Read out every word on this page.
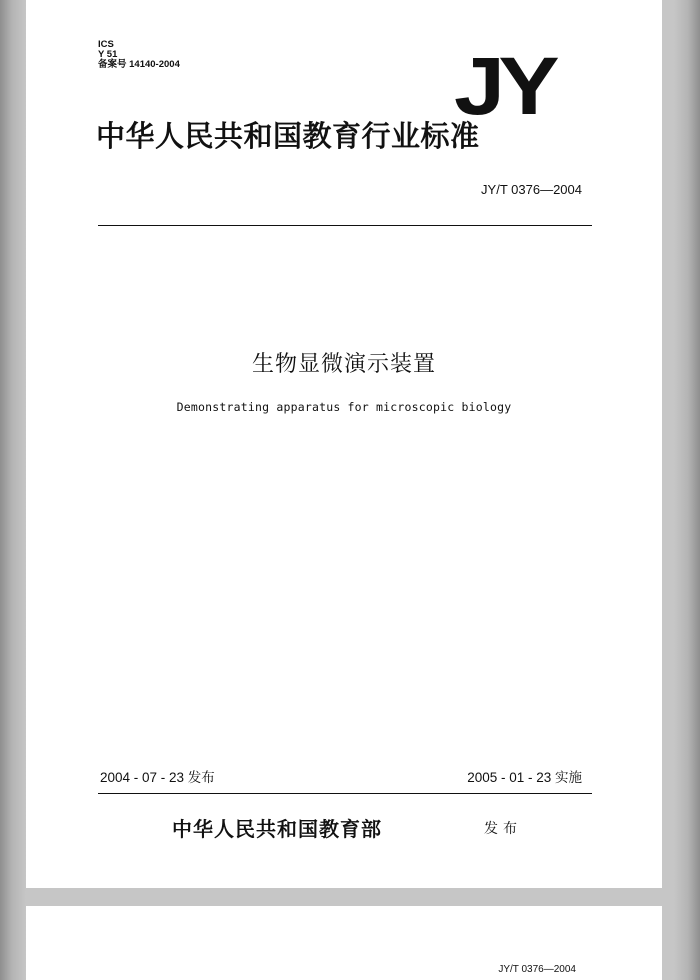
ICS
Y 51
备案号 14140-2004	JY
中华人民共和国教育行业标准
JY/T 0376—2004
生物显微演示装置
Demonstrating apparatus for microscopic biology
2004 - 07 - 23 发布	2005 - 01 - 23 实施
中华人民共和国教育部	发布
JY/T 0376—2004
